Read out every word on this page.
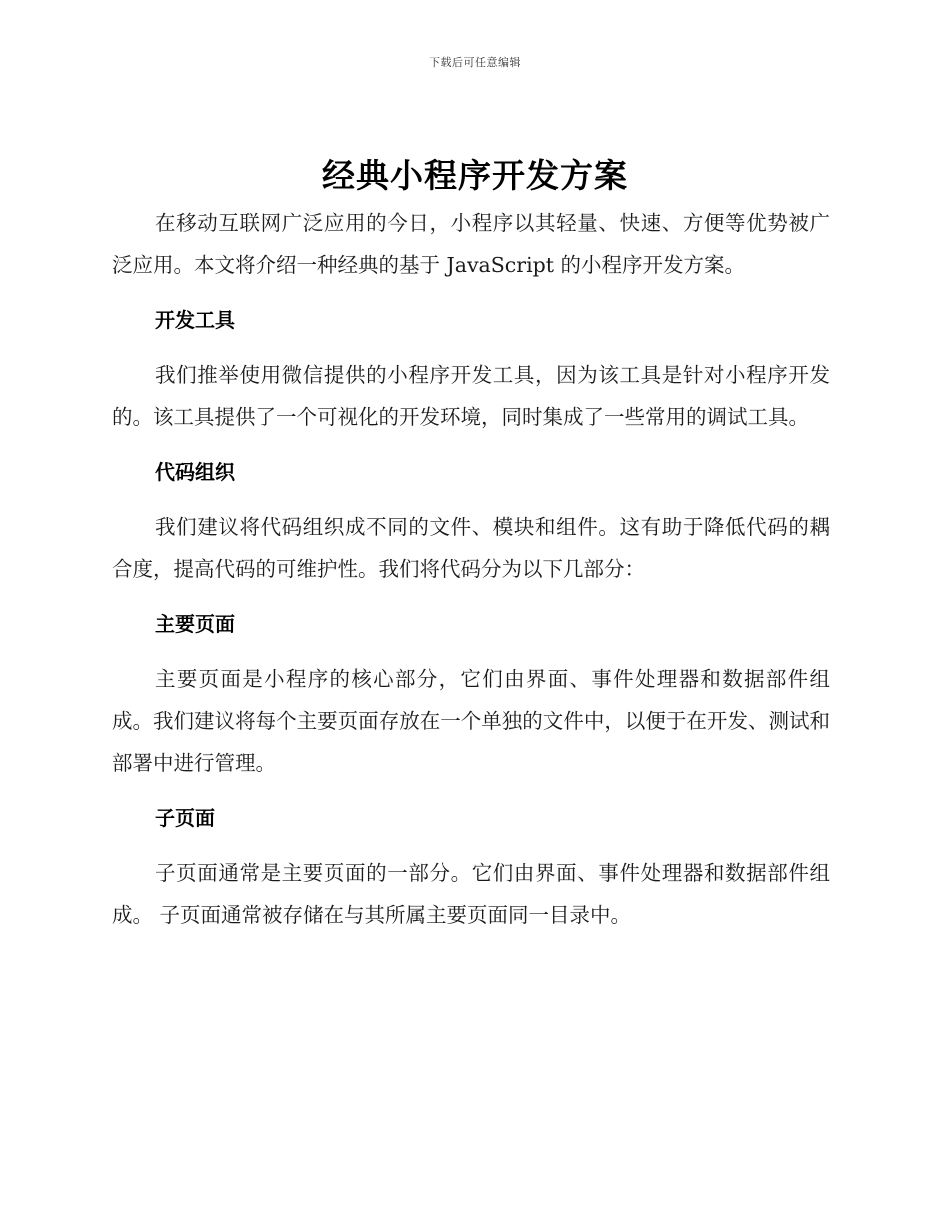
下载后可任意编辑
经典小程序开发方案

在移动互联网广泛应用的今日，小程序以其轻量、快速、方便等优势被广泛应用。本文将介绍一种经典的基于 JavaScript 的小程序开发方案。

开发工具

我们推举使用微信提供的小程序开发工具，因为该工具是针对小程序开发的。该工具提供了一个可视化的开发环境，同时集成了一些常用的调试工具。

代码组织

我们建议将代码组织成不同的文件、模块和组件。这有助于降低代码的耦合度，提高代码的可维护性。我们将代码分为以下几部分：

主要页面

主要页面是小程序的核心部分，它们由界面、事件处理器和数据部件组成。我们建议将每个主要页面存放在一个单独的文件中，以便于在开发、测试和部署中进行管理。

子页面

子页面通常是主要页面的一部分。它们由界面、事件处理器和数据部件组成。 子页面通常被存储在与其所属主要页面同一目录中。
